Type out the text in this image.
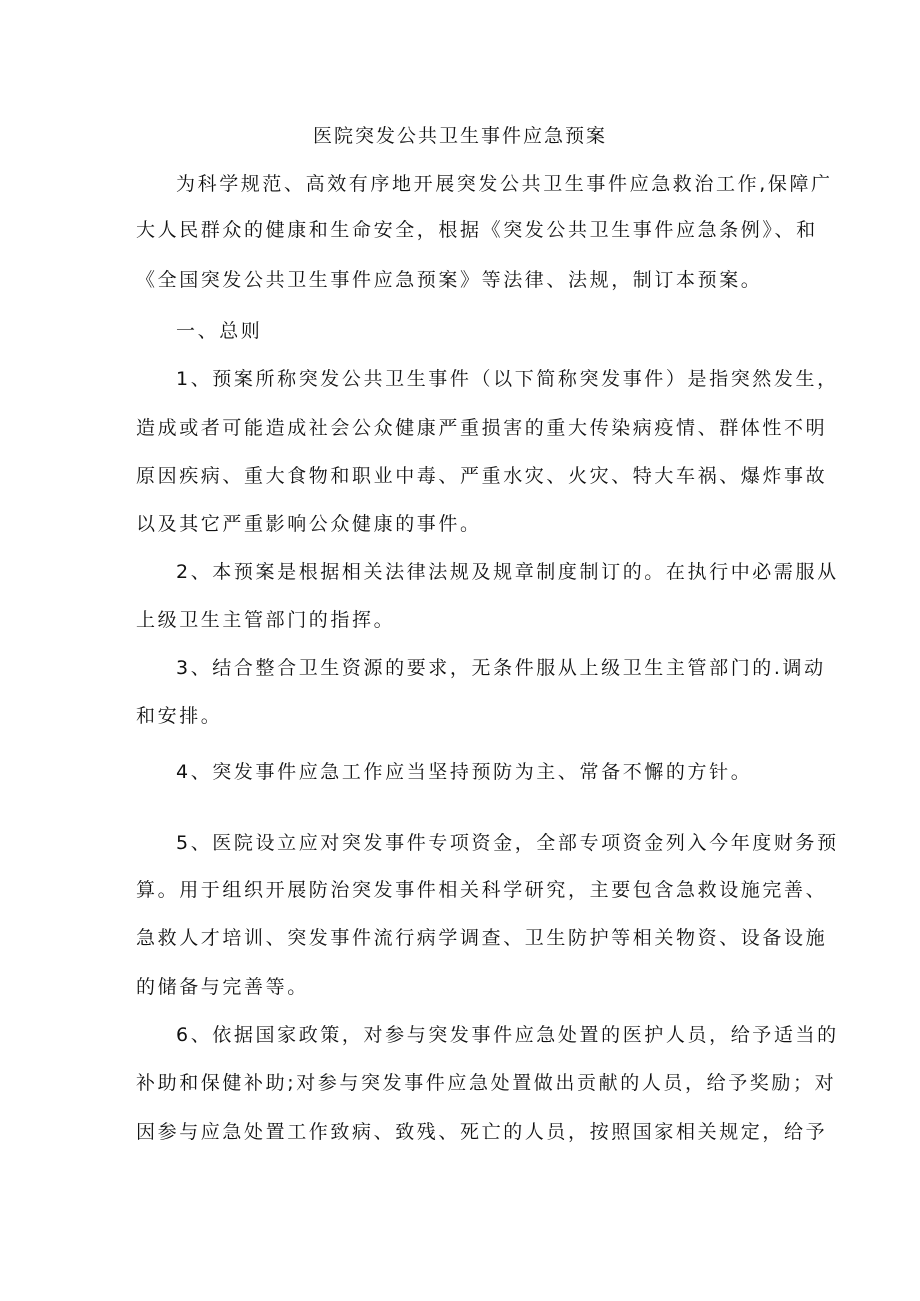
医院突发公共卫生事件应急预案
为科学规范、高效有序地开展突发公共卫生事件应急救治工作,保障广
大人民群众的健康和生命安全，根据《突发公共卫生事件应急条例》、和
《全国突发公共卫生事件应急预案》等法律、法规，制订本预案。
一、总则
1、预案所称突发公共卫生事件（以下简称突发事件）是指突然发生，
造成或者可能造成社会公众健康严重损害的重大传染病疫情、群体性不明
原因疾病、重大食物和职业中毒、严重水灾、火灾、特大车祸、爆炸事故
以及其它严重影响公众健康的事件。
2、本预案是根据相关法律法规及规章制度制订的。在执行中必需服从
上级卫生主管部门的指挥。
3、结合整合卫生资源的要求，无条件服从上级卫生主管部门的.调动
和安排。
4、突发事件应急工作应当坚持预防为主、常备不懈的方针。
5、医院设立应对突发事件专项资金，全部专项资金列入今年度财务预
算。用于组织开展防治突发事件相关科学研究，主要包含急救设施完善、
急救人才培训、突发事件流行病学调查、卫生防护等相关物资、设备设施
的储备与完善等。
6、依据国家政策，对参与突发事件应急处置的医护人员，给予适当的
补助和保健补助;对参与突发事件应急处置做出贡献的人员，给予奖励；对
因参与应急处置工作致病、致残、死亡的人员，按照国家相关规定，给予
